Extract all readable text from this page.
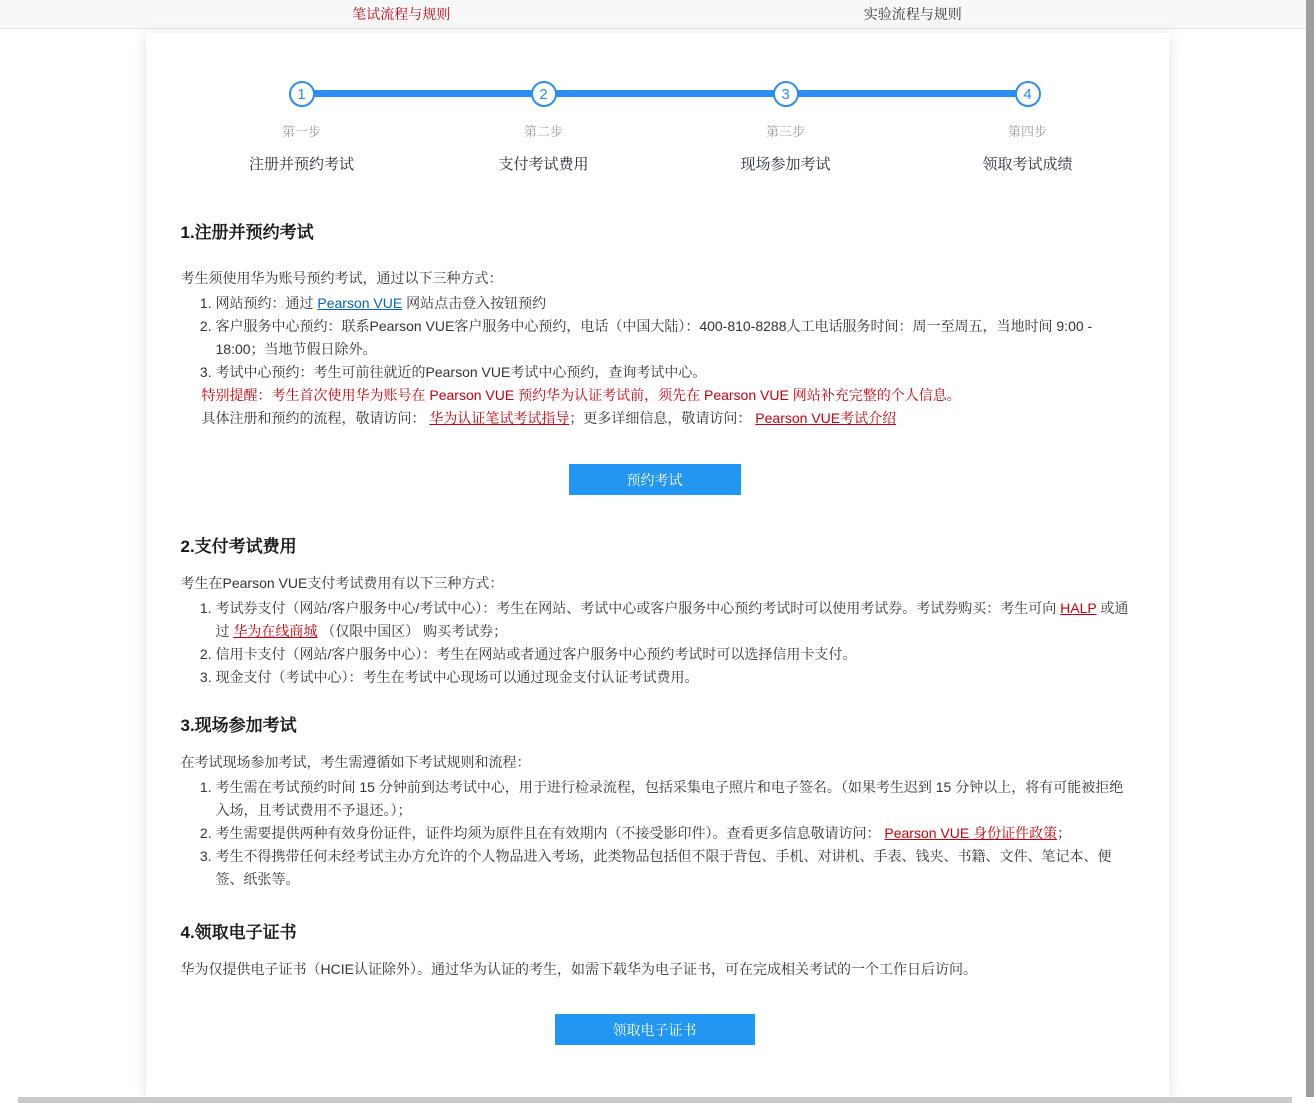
笔试流程与规则	实验流程与规则
1
第一步
注册并预约考试
2
第二步
支付考试费用
3
第三步
现场参加考试
4
第四步
领取考试成绩
1.注册并预约考试
考生须使用华为账号预约考试，通过以下三种方式：
1. 网站预约：通过 Pearson VUE 网站点击登入按钮预约
2. 客户服务中心预约：联系Pearson VUE客户服务中心预约，电话（中国大陆）：400-810-8288人工电话服务时间：周一至周五，当地时间 9:00 - 18:00；当地节假日除外。
3. 考试中心预约：考生可前往就近的Pearson VUE考试中心预约，查询考试中心。
特别提醒：考生首次使用华为账号在 Pearson VUE 预约华为认证考试前，须先在 Pearson VUE 网站补充完整的个人信息。
具体注册和预约的流程，敬请访问： 华为认证笔试考试指导；更多详细信息，敬请访问： Pearson VUE考试介绍
预约考试
2.支付考试费用
考生在Pearson VUE支付考试费用有以下三种方式：
1. 考试券支付（网站/客户服务中心/考试中心）：考生在网站、考试中心或客户服务中心预约考试时可以使用考试券。考试券购买：考生可向 HALP 或通过 华为在线商城 （仅限中国区） 购买考试券；
2. 信用卡支付（网站/客户服务中心）：考生在网站或者通过客户服务中心预约考试时可以选择信用卡支付。
3. 现金支付（考试中心）：考生在考试中心现场可以通过现金支付认证考试费用。
3.现场参加考试
在考试现场参加考试，考生需遵循如下考试规则和流程：
1. 考生需在考试预约时间 15 分钟前到达考试中心，用于进行检录流程，包括采集电子照片和电子签名。（如果考生迟到 15 分钟以上，将有可能被拒绝入场，且考试费用不予退还。）；
2. 考生需要提供两种有效身份证件，证件均须为原件且在有效期内（不接受影印件）。查看更多信息敬请访问： Pearson VUE 身份证件政策；
3. 考生不得携带任何未经考试主办方允许的个人物品进入考场，此类物品包括但不限于背包、手机、对讲机、手表、钱夹、书籍、文件、笔记本、便签、纸张等。
4.领取电子证书
华为仅提供电子证书（HCIE认证除外）。通过华为认证的考生，如需下载华为电子证书，可在完成相关考试的一个工作日后访问。
领取电子证书
